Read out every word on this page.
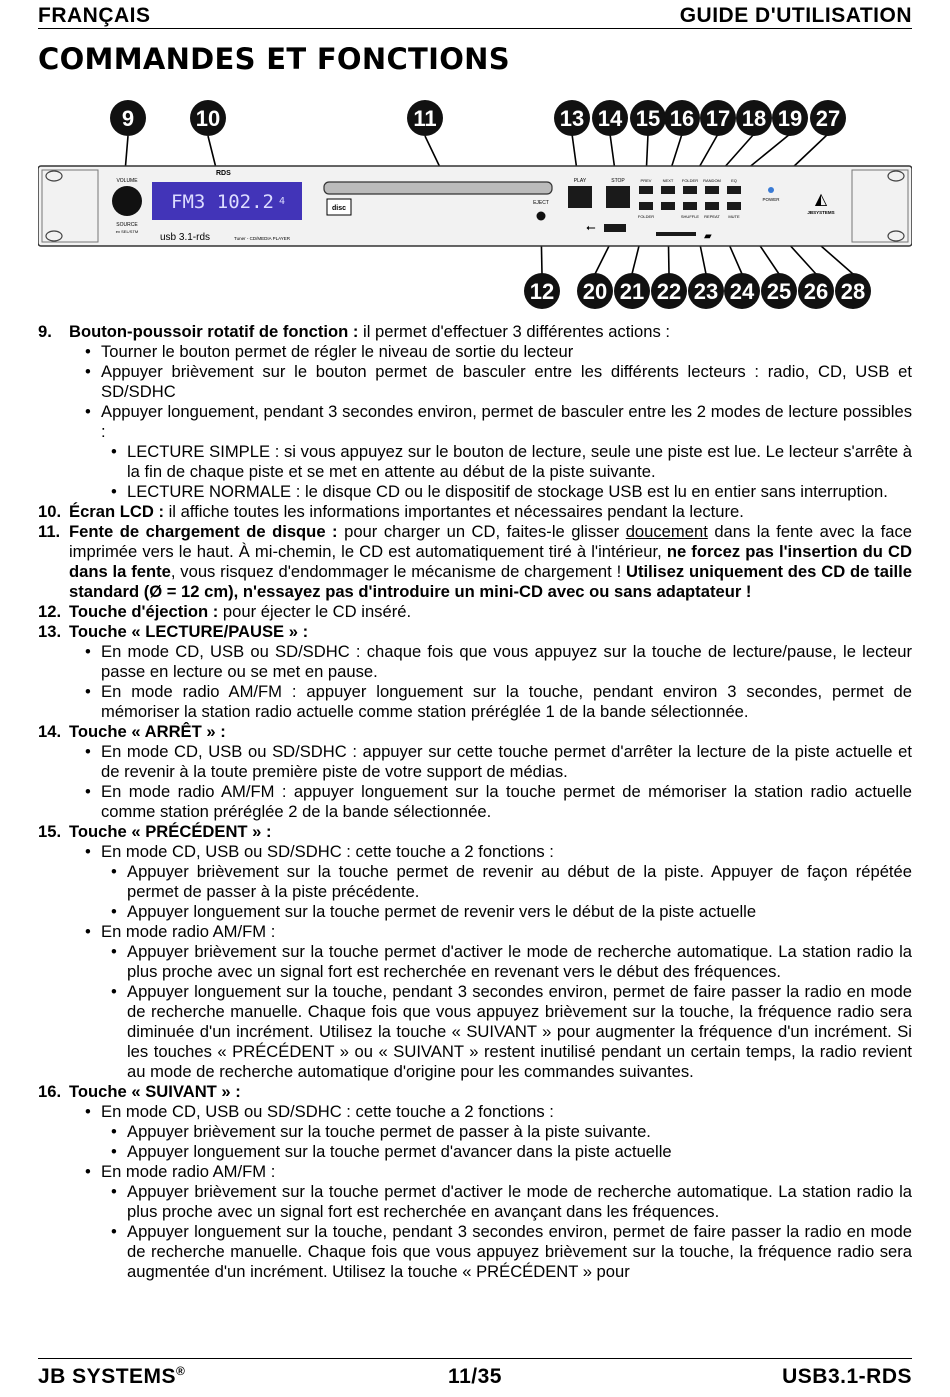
FRANÇAIS	GUIDE D'UTILISATION
COMMANDES ET FONCTIONS
VOLUME
SOURCE
ex SEL/STM
RDS
FM3 102.2 4
usb 3.1-rds	Tuner - CD/MEDIA PLAYER
disc
EJECT
PLAY	STOP
⭠
▰
PREV	NEXT FOLDER RANDOM	EQ
FOLDER	SHUFFLE REPEAT MUTE
POWER ◭
JBSYSTEMS
9	10	11	13 14 15 16 17 18 19 27
12 20 21 22 23 24 25 26 28
9. Bouton-poussoir rotatif de fonction : il permet d'effectuer 3 différentes actions :
• Tourner le bouton permet de régler le niveau de sortie du lecteur
• Appuyer brièvement sur le bouton permet de basculer entre les différents lecteurs : radio, CD, USB et SD/SDHC
• Appuyer longuement, pendant 3 secondes environ, permet de basculer entre les 2 modes de lecture possibles :
• LECTURE SIMPLE : si vous appuyez sur le bouton de lecture, seule une piste est lue. Le lecteur s'arrête à la fin de chaque piste et se met en attente au début de la piste suivante.
• LECTURE NORMALE : le disque CD ou le dispositif de stockage USB est lu en entier sans interruption.
10. Écran LCD : il affiche toutes les informations importantes et nécessaires pendant la lecture.
11. Fente de chargement de disque : pour charger un CD, faites-le glisser doucement dans la fente avec la face imprimée vers le haut. À mi-chemin, le CD est automatiquement tiré à l'intérieur, ne forcez pas l'insertion du CD dans la fente, vous risquez d'endommager le mécanisme de chargement ! Utilisez uniquement des CD de taille standard (Ø = 12 cm), n'essayez pas d'introduire un mini-CD avec ou sans adaptateur !
12. Touche d'éjection : pour éjecter le CD inséré.
13. Touche « LECTURE/PAUSE » :
• En mode CD, USB ou SD/SDHC : chaque fois que vous appuyez sur la touche de lecture/pause, le lecteur passe en lecture ou se met en pause.
• En mode radio AM/FM : appuyer longuement sur la touche, pendant environ 3 secondes, permet de mémoriser la station radio actuelle comme station préréglée 1 de la bande sélectionnée.
14. Touche « ARRÊT » :
• En mode CD, USB ou SD/SDHC : appuyer sur cette touche permet d'arrêter la lecture de la piste actuelle et de revenir à la toute première piste de votre support de médias.
• En mode radio AM/FM : appuyer longuement sur la touche permet de mémoriser la station radio actuelle comme station préréglée 2 de la bande sélectionnée.
15. Touche « PRÉCÉDENT » :
• En mode CD, USB ou SD/SDHC : cette touche a 2 fonctions :
• Appuyer brièvement sur la touche permet de revenir au début de la piste. Appuyer de façon répétée permet de passer à la piste précédente.
• Appuyer longuement sur la touche permet de revenir vers le début de la piste actuelle
• En mode radio AM/FM :
• Appuyer brièvement sur la touche permet d'activer le mode de recherche automatique. La station radio la plus proche avec un signal fort est recherchée en revenant vers le début des fréquences.
• Appuyer longuement sur la touche, pendant 3 secondes environ, permet de faire passer la radio en mode de recherche manuelle. Chaque fois que vous appuyez brièvement sur la touche, la fréquence radio sera diminuée d'un incrément. Utilisez la touche « SUIVANT » pour augmenter la fréquence d'un incrément. Si les touches « PRÉCÉDENT » ou « SUIVANT » restent inutilisé pendant un certain temps, la radio revient au mode de recherche automatique d'origine pour les commandes suivantes.
16. Touche « SUIVANT » :
• En mode CD, USB ou SD/SDHC : cette touche a 2 fonctions :
• Appuyer brièvement sur la touche permet de passer à la piste suivante.
• Appuyer longuement sur la touche permet d'avancer dans la piste actuelle
• En mode radio AM/FM :
• Appuyer brièvement sur la touche permet d'activer le mode de recherche automatique. La station radio la plus proche avec un signal fort est recherchée en avançant dans les fréquences.
• Appuyer longuement sur la touche, pendant 3 secondes environ, permet de faire passer la radio en mode de recherche manuelle. Chaque fois que vous appuyez brièvement sur la touche, la fréquence radio sera augmentée d'un incrément. Utilisez la touche « PRÉCÉDENT » pour
JB SYSTEMS®	11/35	USB3.1-RDS
